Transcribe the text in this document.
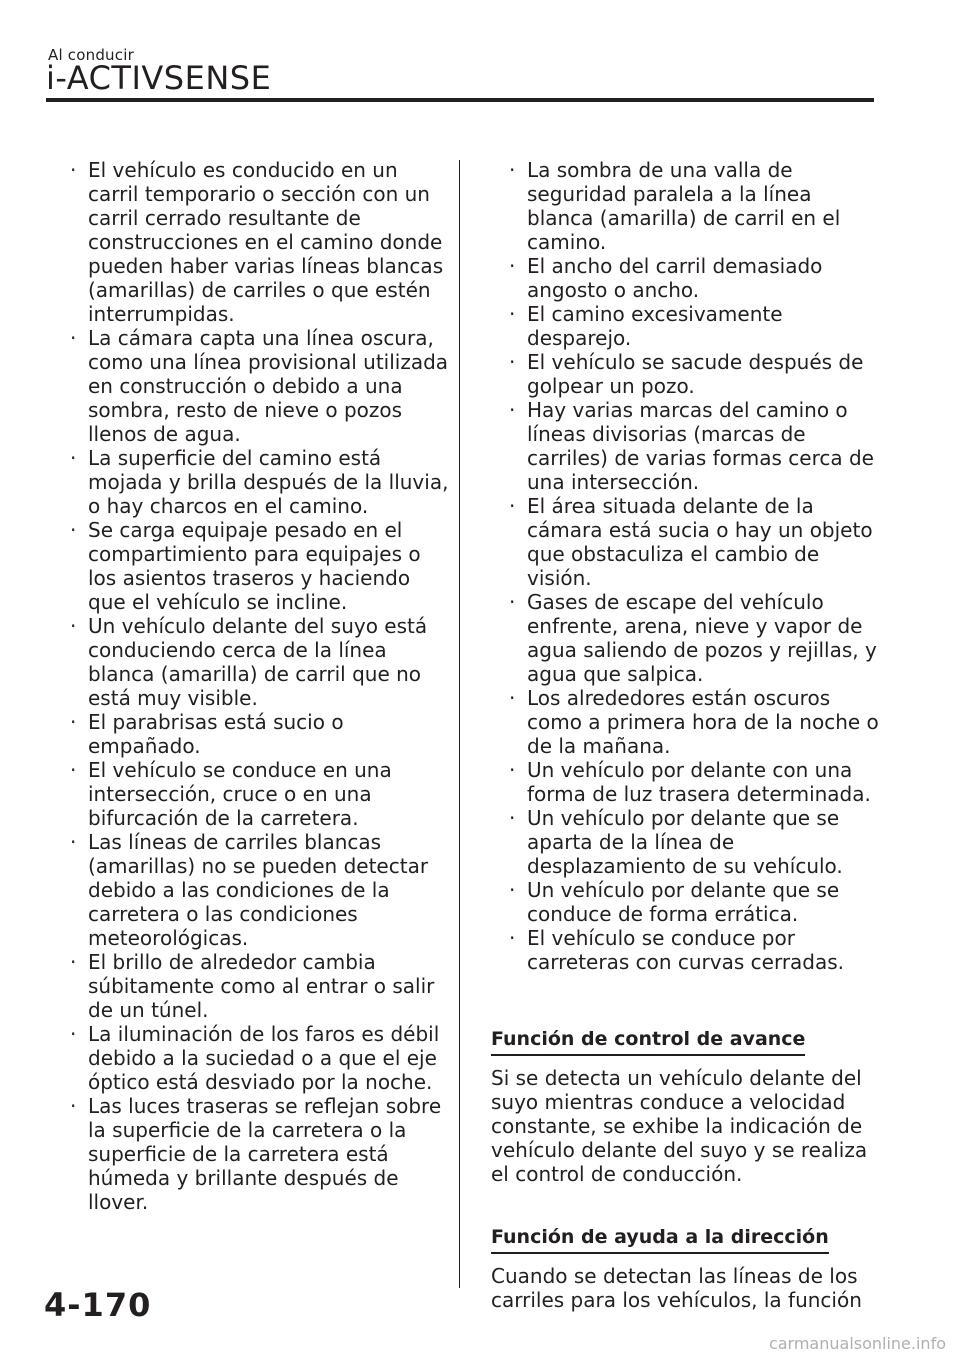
Al conducir
i-ACTIVSENSE
· El vehículo es conducido en un carril temporario o sección con un carril cerrado resultante de construcciones en el camino donde pueden haber varias líneas blancas (amarillas) de carriles o que estén interrumpidas.
· La cámara capta una línea oscura, como una línea provisional utilizada en construcción o debido a una sombra, resto de nieve o pozos llenos de agua.
· La superficie del camino está mojada y brilla después de la lluvia, o hay charcos en el camino.
· Se carga equipaje pesado en el compartimiento para equipajes o los asientos traseros y haciendo que el vehículo se incline.
· Un vehículo delante del suyo está conduciendo cerca de la línea blanca (amarilla) de carril que no está muy visible.
· El parabrisas está sucio o empañado.
· El vehículo se conduce en una intersección, cruce o en una bifurcación de la carretera.
· Las líneas de carriles blancas (amarillas) no se pueden detectar debido a las condiciones de la carretera o las condiciones meteorológicas.
· El brillo de alrededor cambia súbitamente como al entrar o salir de un túnel.
· La iluminación de los faros es débil debido a la suciedad o a que el eje óptico está desviado por la noche.
· Las luces traseras se reflejan sobre la superficie de la carretera o la superficie de la carretera está húmeda y brillante después de llover.
· La sombra de una valla de seguridad paralela a la línea blanca (amarilla) de carril en el camino.
· El ancho del carril demasiado angosto o ancho.
· El camino excesivamente desparejo.
· El vehículo se sacude después de golpear un pozo.
· Hay varias marcas del camino o líneas divisorias (marcas de carriles) de varias formas cerca de una intersección.
· El área situada delante de la cámara está sucia o hay un objeto que obstaculiza el cambio de visión.
· Gases de escape del vehículo enfrente, arena, nieve y vapor de agua saliendo de pozos y rejillas, y agua que salpica.
· Los alrededores están oscuros como a primera hora de la noche o de la mañana.
· Un vehículo por delante con una forma de luz trasera determinada.
· Un vehículo por delante que se aparta de la línea de desplazamiento de su vehículo.
· Un vehículo por delante que se conduce de forma errática.
· El vehículo se conduce por carreteras con curvas cerradas.
Función de control de avance

Si se detecta un vehículo delante del suyo mientras conduce a velocidad constante, se exhibe la indicación de vehículo delante del suyo y se realiza el control de conducción.

Función de ayuda a la dirección

Cuando se detectan las líneas de los carriles para los vehículos, la función

4-170
carmanualsonline.info
